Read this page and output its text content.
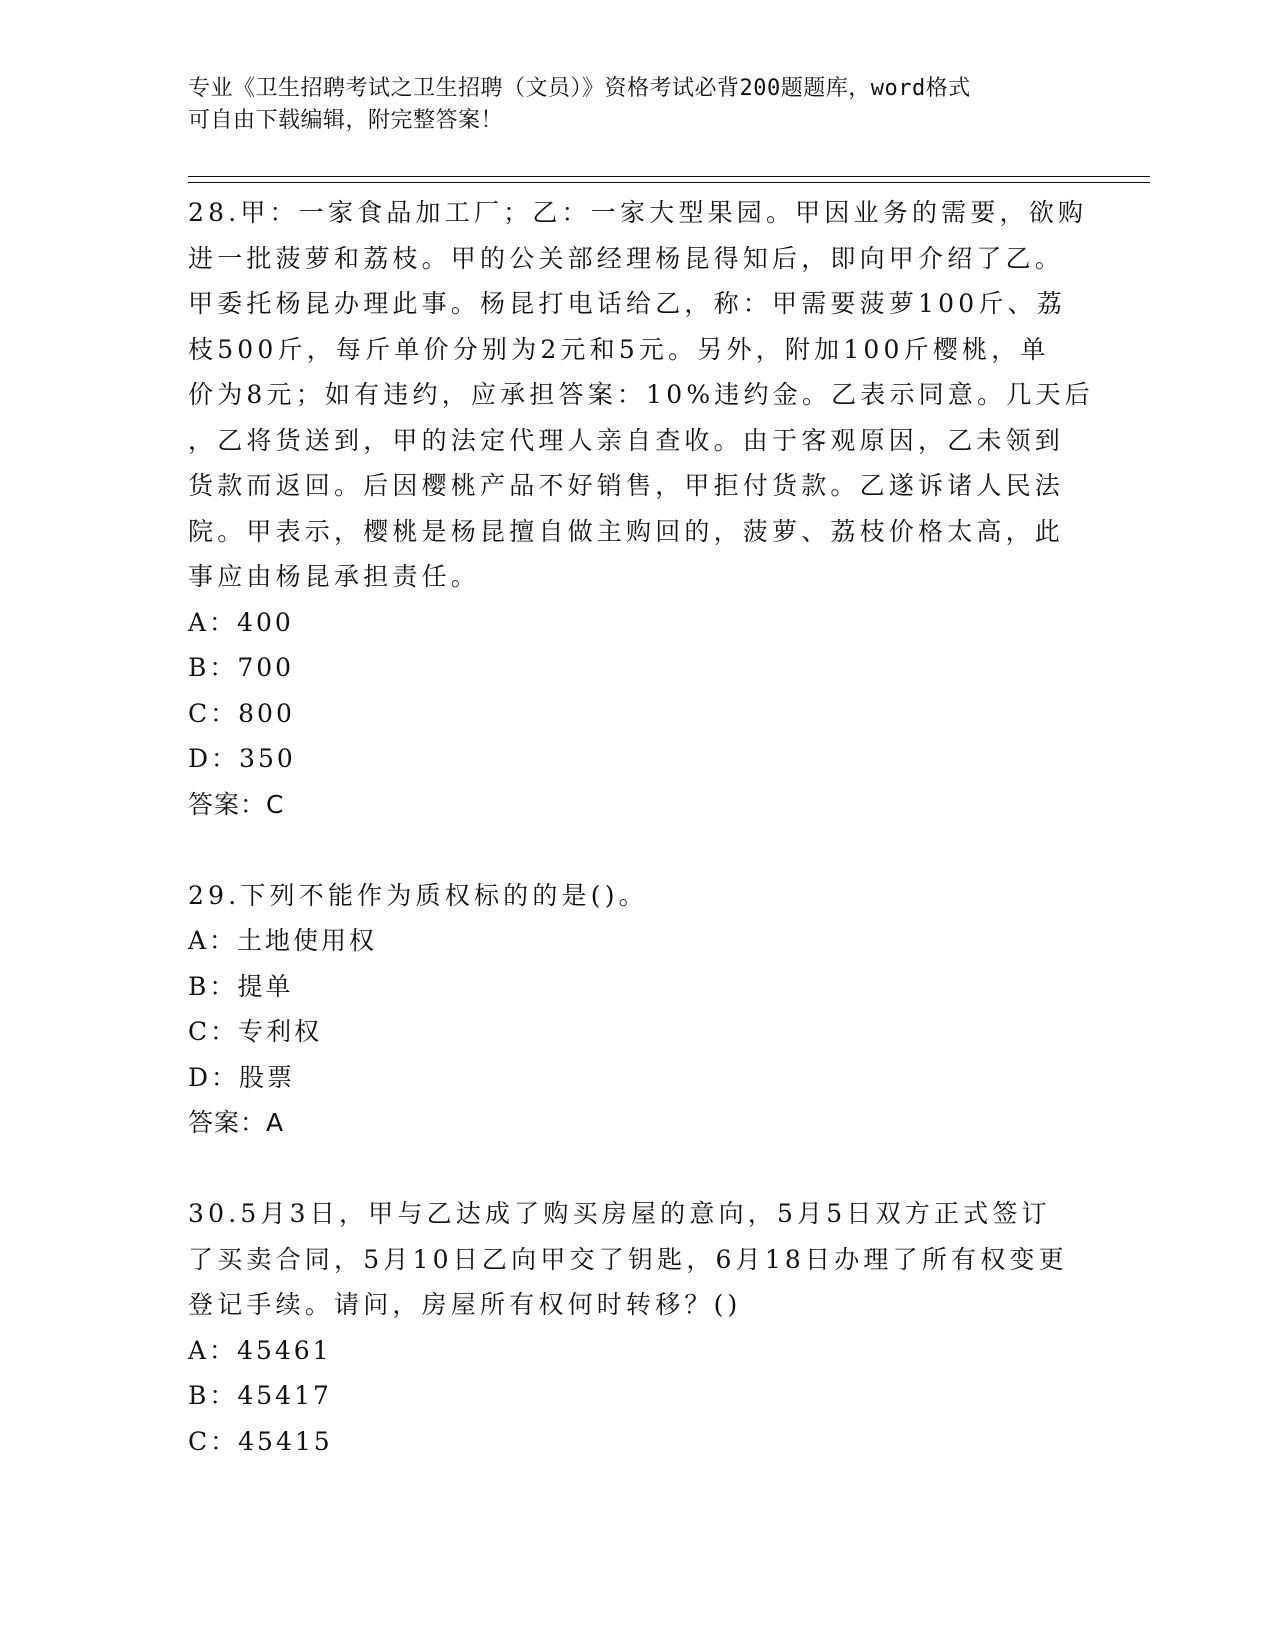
专业《卫生招聘考试之卫生招聘（文员）》资格考试必背200题题库，word格式
可自由下载编辑，附完整答案！
28.甲：一家食品加工厂；乙：一家大型果园。甲因业务的需要，欲购
进一批菠萝和荔枝。甲的公关部经理杨昆得知后，即向甲介绍了乙。
甲委托杨昆办理此事。杨昆打电话给乙，称：甲需要菠萝100斤、荔
枝500斤，每斤单价分别为2元和5元。另外，附加100斤樱桃，单
价为8元；如有违约，应承担答案：10%违约金。乙表示同意。几天后
，乙将货送到，甲的法定代理人亲自查收。由于客观原因，乙未领到
货款而返回。后因樱桃产品不好销售，甲拒付货款。乙遂诉诸人民法
院。甲表示，樱桃是杨昆擅自做主购回的，菠萝、荔枝价格太高，此
事应由杨昆承担责任。
A：400
B：700
C：800
D：350
答案：C
29.下列不能作为质权标的的是()。
A：土地使用权
B：提单
C：专利权
D：股票
答案：A
30.5月3日，甲与乙达成了购买房屋的意向，5月5日双方正式签订
了买卖合同，5月10日乙向甲交了钥匙，6月18日办理了所有权变更
登记手续。请问，房屋所有权何时转移？()
A：45461
B：45417
C：45415
